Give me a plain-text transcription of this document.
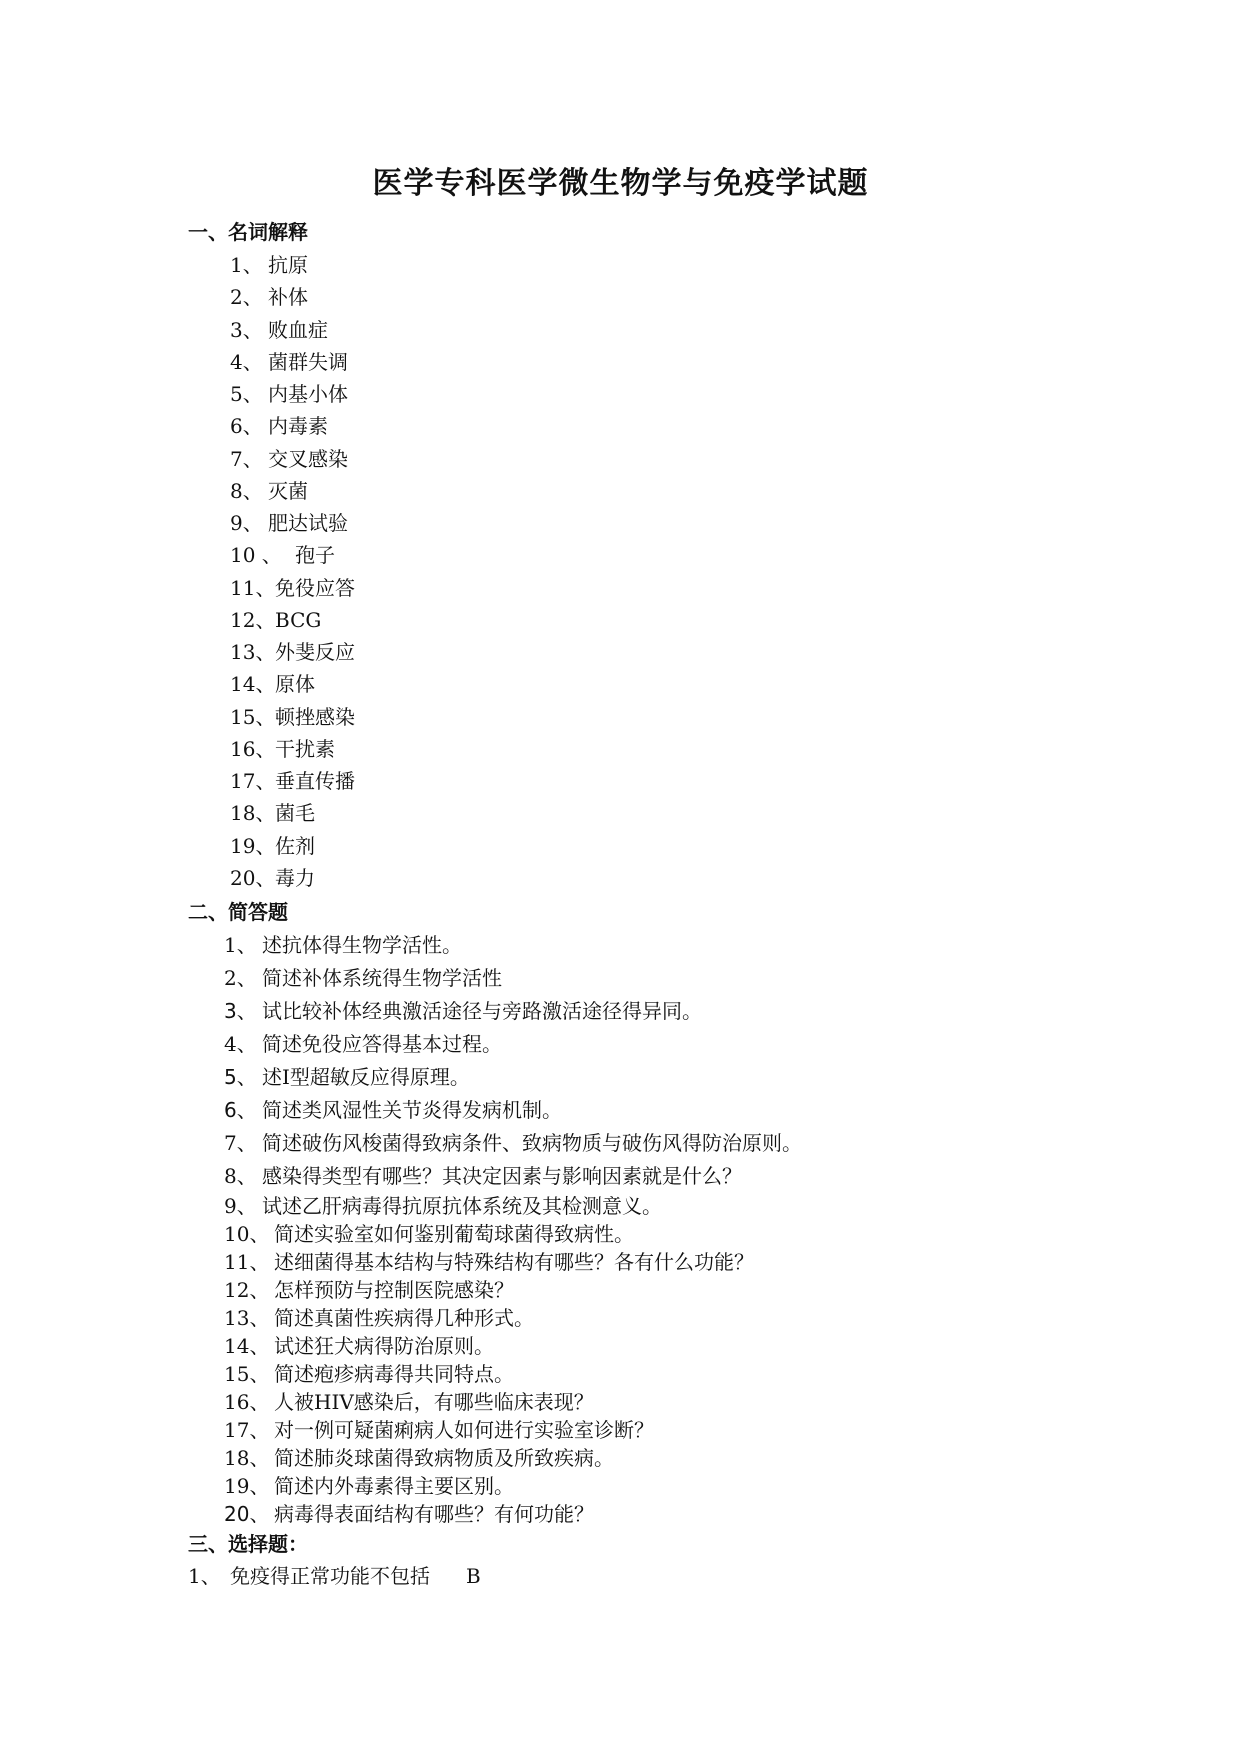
医学专科医学微生物学与免疫学试题
一、名词解释
1、 抗原
2、 补体
3、 败血症
4、 菌群失调
5、 内基小体
6、 内毒素
7、 交叉感染
8、 灭菌
9、 肥达试验
10 、 孢子
11、免役应答
12、BCG
13、外斐反应
14、原体
15、顿挫感染
16、干扰素
17、垂直传播
18、菌毛
19、佐剂
20、毒力
二、简答题
1、 述抗体得生物学活性。
2、 简述补体系统得生物学活性
3、 试比较补体经典激活途径与旁路激活途径得异同。
4、 简述免役应答得基本过程。
5、 述Ⅰ型超敏反应得原理。
6、 简述类风湿性关节炎得发病机制。
7、 简述破伤风梭菌得致病条件、致病物质与破伤风得防治原则。
8、 感染得类型有哪些？其决定因素与影响因素就是什么？
9、 试述乙肝病毒得抗原抗体系统及其检测意义。
10、 简述实验室如何鉴别葡萄球菌得致病性。
11、 述细菌得基本结构与特殊结构有哪些？各有什么功能？
12、 怎样预防与控制医院感染？
13、 简述真菌性疾病得几种形式。
14、 试述狂犬病得防治原则。
15、 简述疱疹病毒得共同特点。
16、 人被HIV感染后，有哪些临床表现？
17、 对一例可疑菌痢病人如何进行实验室诊断？
18、 简述肺炎球菌得致病物质及所致疾病。
19、 简述内外毒素得主要区别。
20、 病毒得表面结构有哪些？有何功能？
三、选择题：
1、 免疫得正常功能不包括 B
